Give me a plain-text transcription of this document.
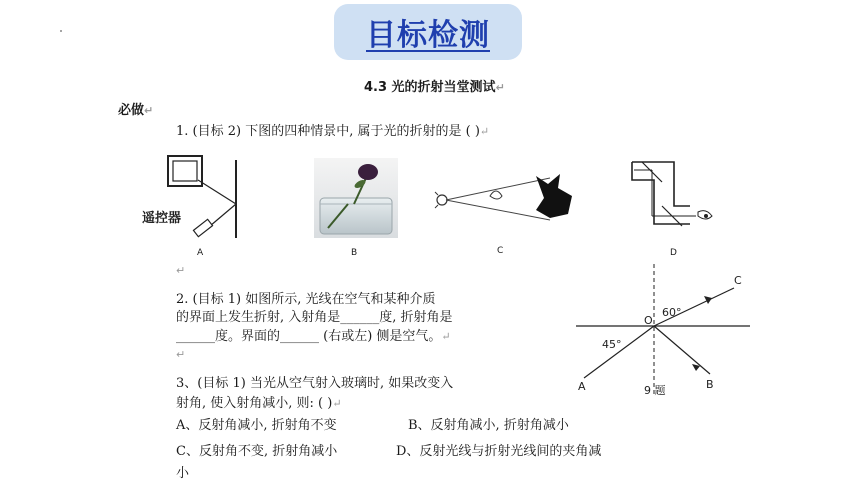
目标检测
4.3 光的折射当堂测试↵
必做↵
1. (目标 2) 下图的四种情景中, 属于光的折射的是 ( )↵
遥控器
A	B	C	D
↵
2. (目标 1) 如图所示, 光线在空气和某种介质
的界面上发生折射, 入射角是______度, 折射角是
______度。界面的______ (右或左) 侧是空气。↵
↵
60°
45°
O
A	B
C
9 题
3、(目标 1) 当光从空气射入玻璃时, 如果改变入
射角, 使入射角减小, 则: ( )↵
A、反射角减小, 折射角不变	B、反射角减小, 折射角减小
C、反射角不变, 折射角减小	D、反射光线与折射光线间的夹角减
小
